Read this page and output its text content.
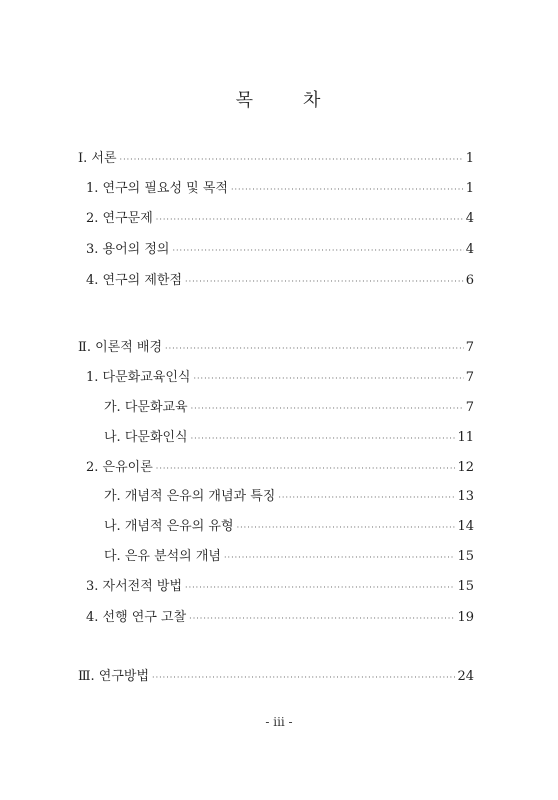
목	차
Ⅰ. 서론 ·····	1
1. 연구의 필요성 및 목적 ·····	1
2. 연구문제 ·····	4
3. 용어의 정의 ·····	4
4. 연구의 제한점 ·····	6
Ⅱ. 이론적 배경 ·····	7
1. 다문화교육인식 ·····	7
가. 다문화교육 ·····	7
나. 다문화인식 ·····	11
2. 은유이론 ·····	12
가. 개념적 은유의 개념과 특징 ·····	13
나. 개념적 은유의 유형 ·····	14
다. 은유 분석의 개념 ·····	15
3. 자서전적 방법 ·····	15
4. 선행 연구 고찰 ·····	19
Ⅲ. 연구방법 ·····	24
- iii -
